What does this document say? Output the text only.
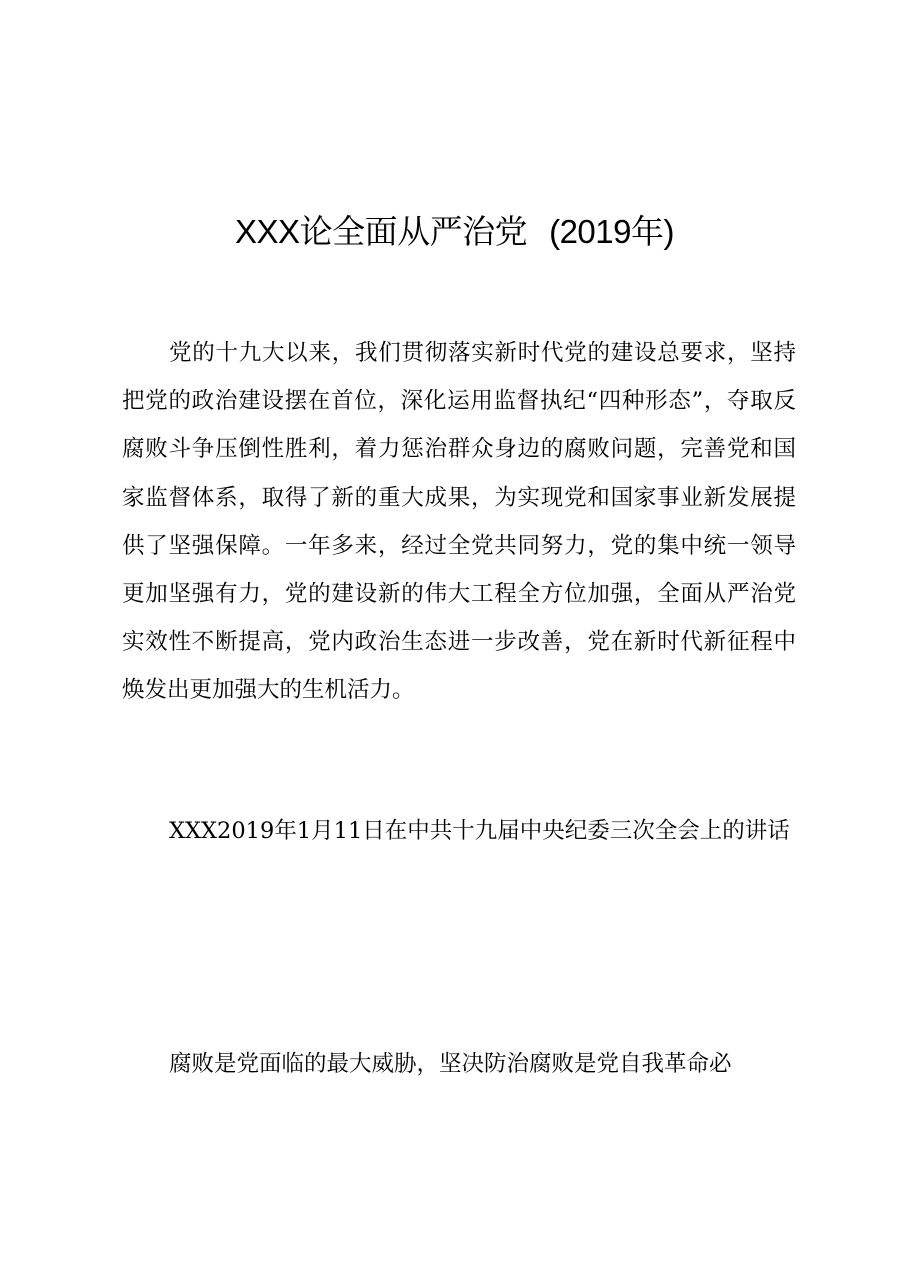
XXX论全面从严治党 (2019年)

党的十九大以来，我们贯彻落实新时代党的建设总要求，坚持把党的政治建设摆在首位，深化运用监督执纪“四种形态”，夺取反腐败斗争压倒性胜利，着力惩治群众身边的腐败问题，完善党和国家监督体系，取得了新的重大成果，为实现党和国家事业新发展提供了坚强保障。一年多来，经过全党共同努力，党的集中统一领导更加坚强有力，党的建设新的伟大工程全方位加强，全面从严治党实效性不断提高，党内政治生态进一步改善，党在新时代新征程中焕发出更加强大的生机活力。

XXX2019年1月11日在中共十九届中央纪委三次全会上的讲话

腐败是党面临的最大威胁，坚决防治腐败是党自我革命必
